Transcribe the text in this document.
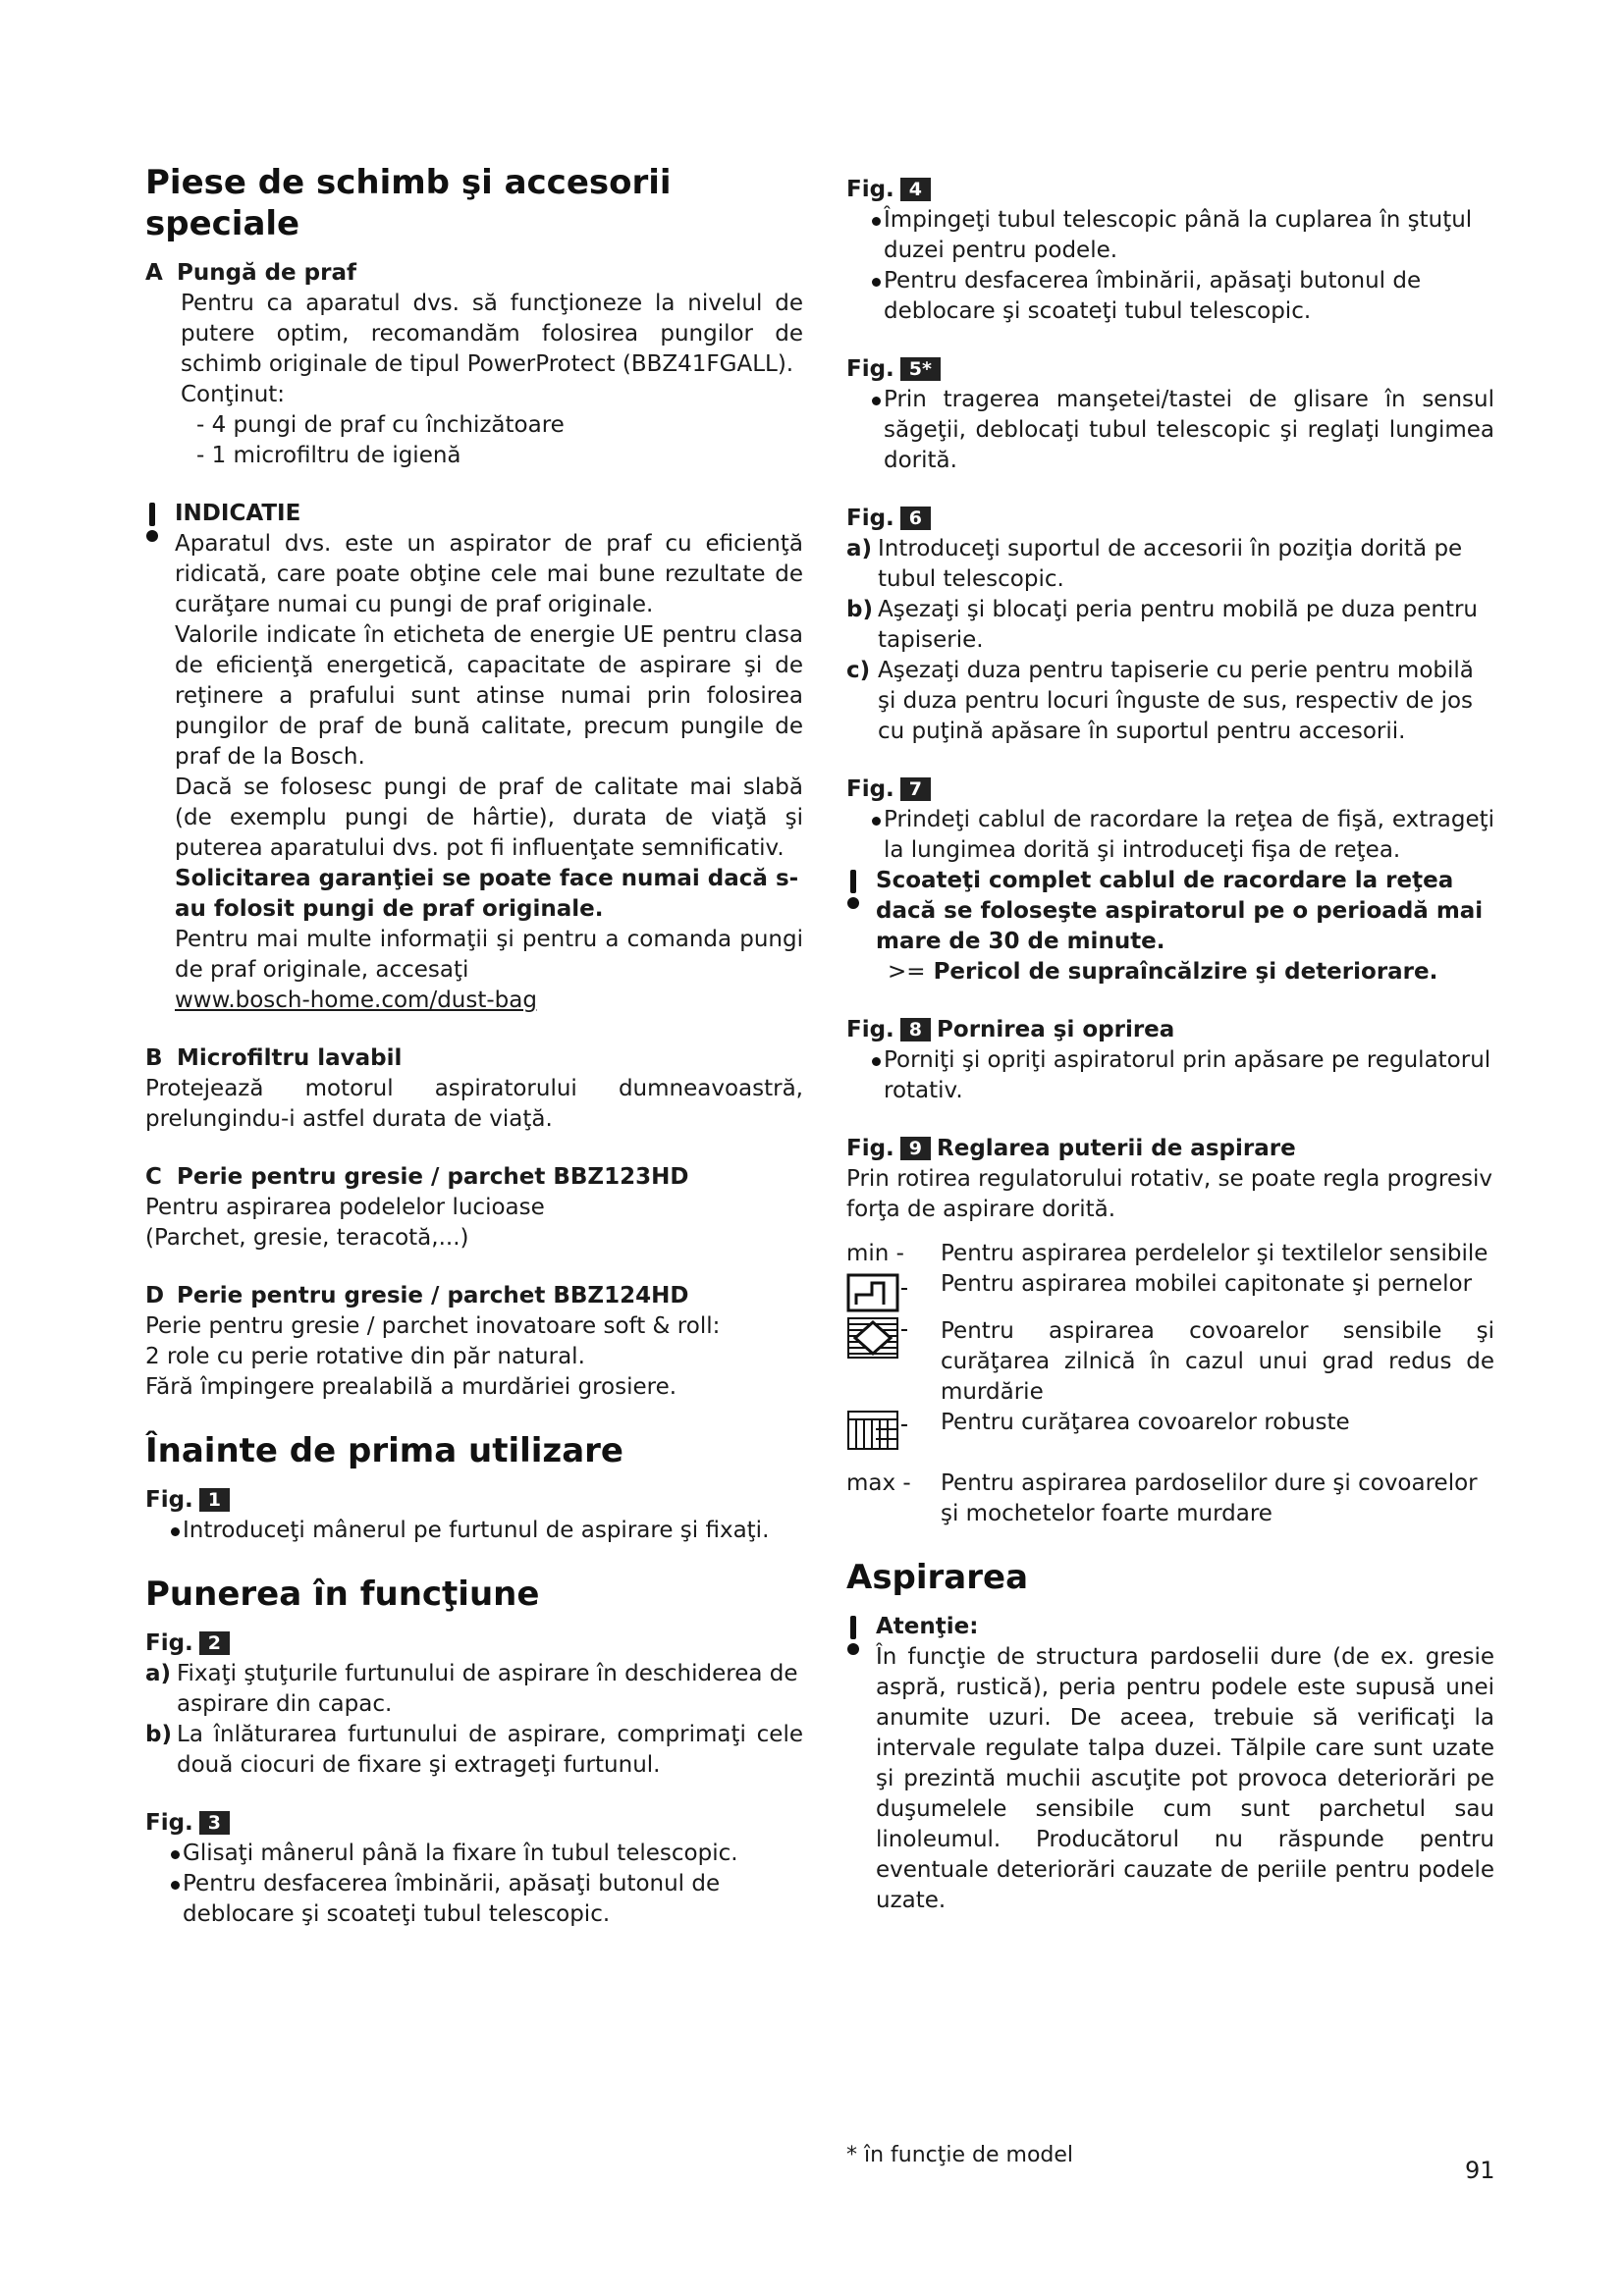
Piese de schimb şi accesorii speciale
A Pungă de praf

Pentru ca aparatul dvs. să funcţioneze la nivelul de putere optim, recomandăm folosirea pungilor de schimb originale de tipul PowerProtect (BBZ41FGALL).

Conţinut:

- 4 pungi de praf cu închizătoare

- 1 microfiltru de igienă

INDICATIE

Aparatul dvs. este un aspirator de praf cu eficienţă ridicată, care poate obţine cele mai bune rezultate de curăţare numai cu pungi de praf originale.

Valorile indicate în eticheta de energie UE pentru clasa de eficienţă energetică, capacitate de aspirare şi de reţinere a prafului sunt atinse numai prin folosirea pungilor de praf de bună calitate, precum pungile de praf de la Bosch.

Dacă se folosesc pungi de praf de calitate mai slabă (de exemplu pungi de hârtie), durata de viaţă şi puterea aparatului dvs. pot fi influenţate semnificativ.

Solicitarea garanţiei se poate face numai dacă s-au folosit pungi de praf originale.

Pentru mai multe informaţii şi pentru a comanda pungi de praf originale, accesaţi

www.bosch-home.com/dust-bag

B Microfiltru lavabil

Protejează motorul aspiratorului dumneavoastră, prelungindu-i astfel durata de viaţă.

C Perie pentru gresie / parchet BBZ123HD

Pentru aspirarea podelelor lucioase

(Parchet, gresie, teracotă,...)

D Perie pentru gresie / parchet BBZ124HD

Perie pentru gresie / parchet inovatoare soft & roll:

2 role cu perie rotative din păr natural.

Fără împingere prealabilă a murdăriei grosiere.

Înainte de prima utilizare
Fig. 1

Introduceţi mânerul pe furtunul de aspirare şi fixaţi.

Punerea în funcţiune
Fig. 2

a) Fixaţi ştuţurile furtunului de aspirare în deschiderea de aspirare din capac.

b) La înlăturarea furtunului de aspirare, comprimaţi cele două ciocuri de fixare şi extrageţi furtunul.

Fig. 3

Glisaţi mânerul până la fixare în tubul telescopic.

Pentru desfacerea îmbinării, apăsaţi butonul de deblocare şi scoateţi tubul telescopic.

Fig. 4

Împingeţi tubul telescopic până la cuplarea în ştuţul duzei pentru podele.

Pentru desfacerea îmbinării, apăsaţi butonul de deblocare şi scoateţi tubul telescopic.

Fig. 5*

Prin tragerea manşetei/tastei de glisare în sensul săgeţii, deblocaţi tubul telescopic şi reglaţi lungimea dorită.

Fig. 6

a) Introduceţi suportul de accesorii în poziţia dorită pe tubul telescopic.

b) Aşezaţi şi blocaţi peria pentru mobilă pe duza pentru tapiserie.

c) Aşezaţi duza pentru tapiserie cu perie pentru mobilă şi duza pentru locuri înguste de sus, respectiv de jos cu puţină apăsare în suportul pentru accesorii.

Fig. 7

Prindeţi cablul de racordare la reţea de fişă, extrageţi la lungimea dorită şi introduceţi fişa de reţea.

Scoateţi complet cablul de racordare la reţea dacă se foloseşte aspiratorul pe o perioadă mai mare de 30 de minute.

>= Pericol de supraîncălzire şi deteriorare.

Fig. 8 Pornirea şi oprirea

Porniţi şi opriţi aspiratorul prin apăsare pe regulatorul rotativ.

Fig. 9 Reglarea puterii de aspirare

Prin rotirea regulatorului rotativ, se poate regla progresiv forţa de aspirare dorită.

min - Pentru aspirarea perdelelor şi textilelor sensibile
Pentru aspirarea mobilei capitonate şi pernelor
Pentru aspirarea covoarelor sensibile şi curăţarea zilnică în cazul unui grad redus de murdărie
Pentru curăţarea covoarelor robuste
max - Pentru aspirarea pardoselilor dure şi covoarelor şi mochetelor foarte murdare
Aspirarea
Atenţie:

În funcţie de structura pardoselii dure (de ex. gresie aspră, rustică), peria pentru podele este supusă unei anumite uzuri. De aceea, trebuie să verificaţi la intervale regulate talpa duzei. Tălpile care sunt uzate şi prezintă muchii ascuţite pot provoca deteriorări pe duşumelele sensibile cum sunt parchetul sau linoleumul. Producătorul nu răspunde pentru eventuale deteriorări cauzate de periile pentru podele uzate.

* în funcţie de model
91
